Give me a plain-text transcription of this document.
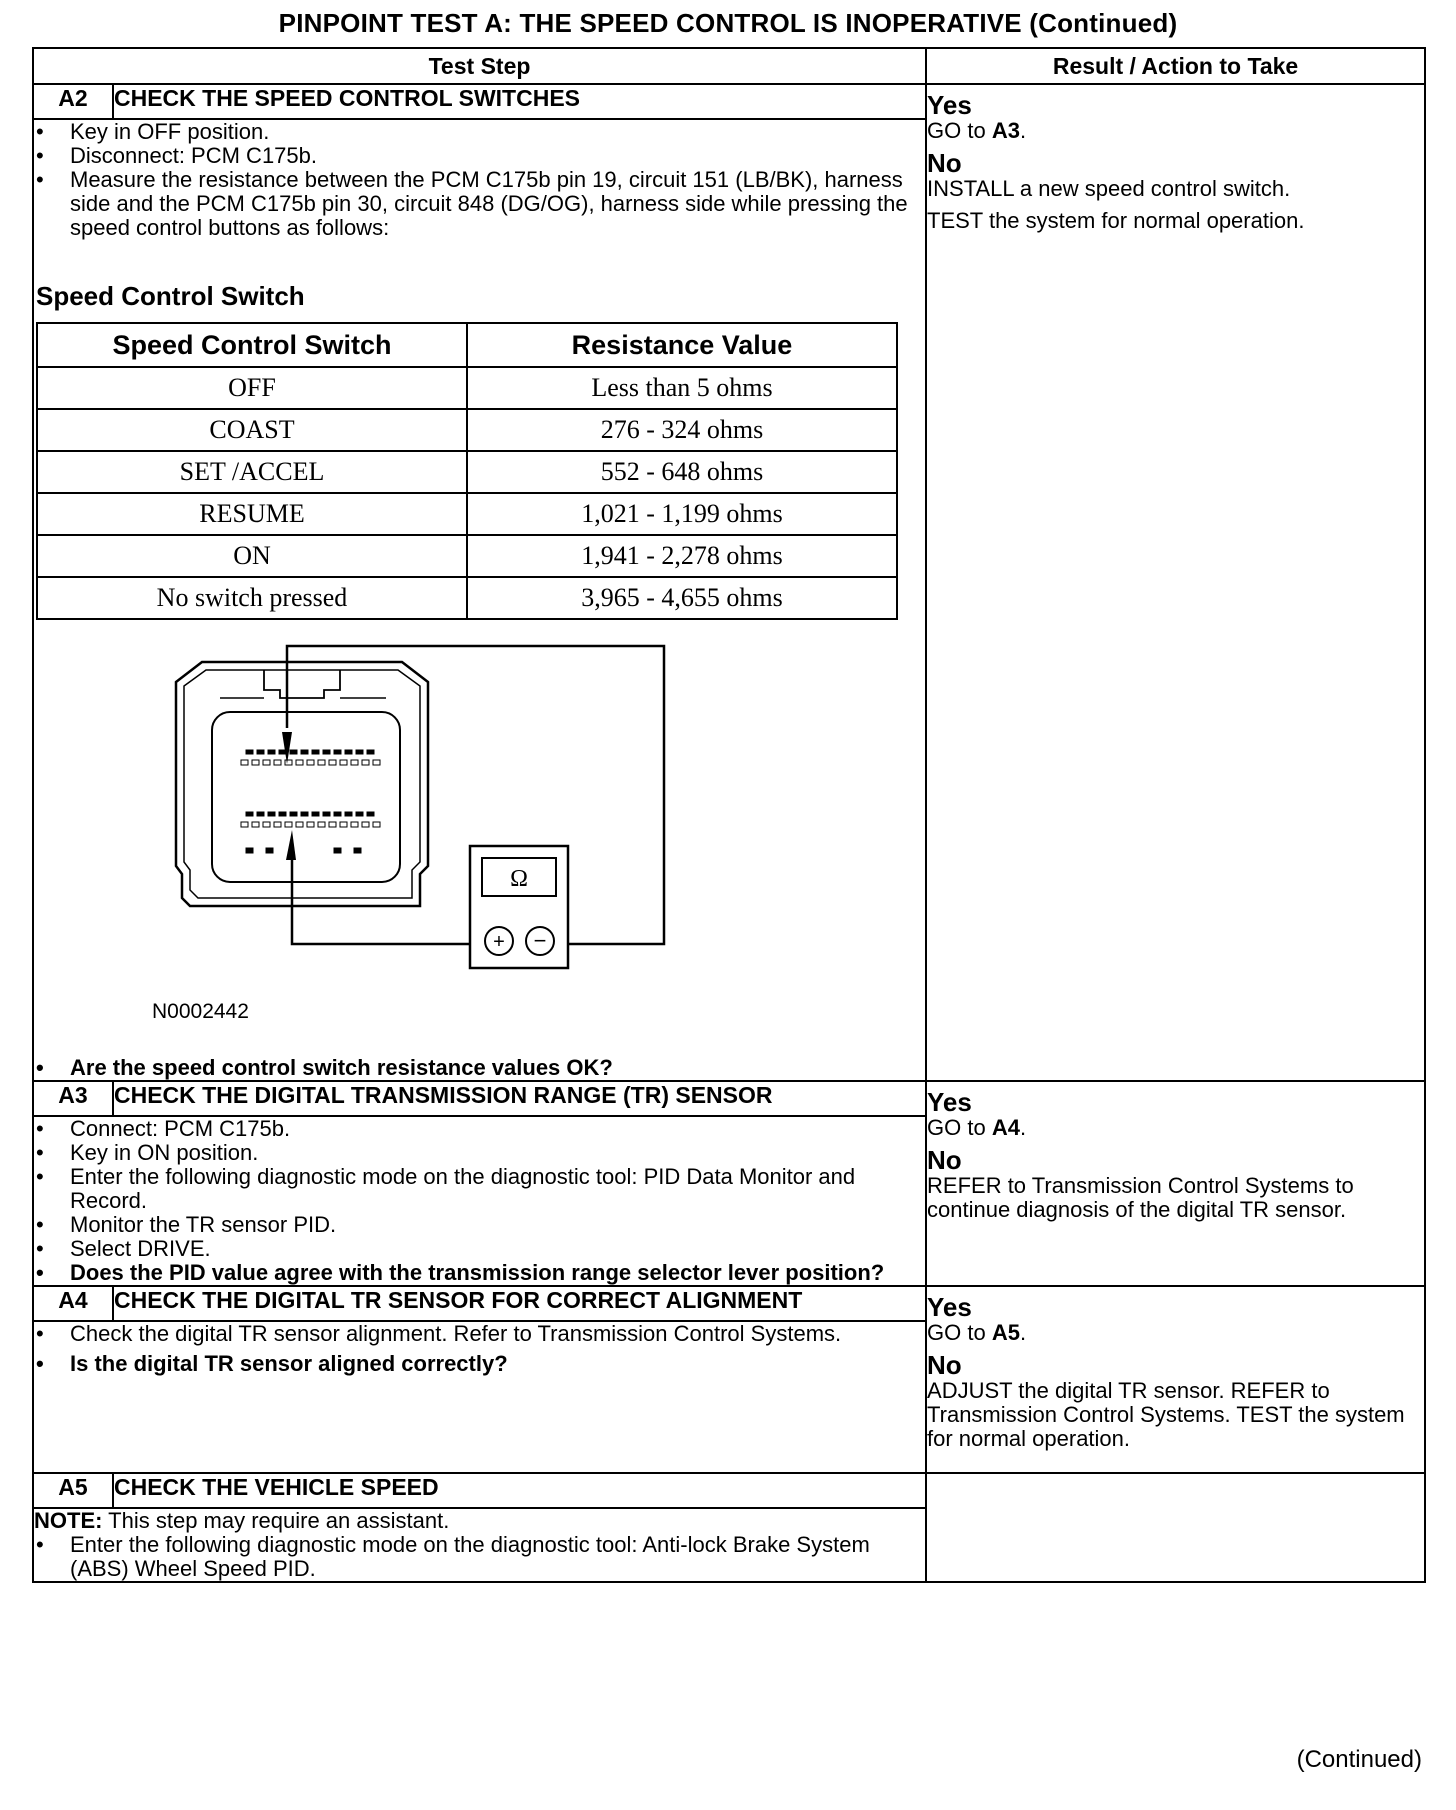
PINPOINT TEST A: THE SPEED CONTROL IS INOPERATIVE (Continued)
Test Step	Result / Action to Take
A2	CHECK THE SPEED CONTROL SWITCHES	Yes
GO to A3.
No
INSTALL a new speed control switch.
TEST the system for normal operation.

• Key in OFF position.
• Disconnect: PCM C175b.
• Measure the resistance between the PCM C175b pin 19, circuit 151 (LB/BK), harness side and the PCM C175b pin 30, circuit 848 (DG/OG), harness side while pressing the speed control buttons as follows:
Speed Control Switch
Speed Control Switch	Resistance Value
OFF	Less than 5 ohms
COAST	276 - 324 ohms
SET /ACCEL	552 - 648 ohms
RESUME	1,021 - 1,199 ohms
ON	1,941 - 2,278 ohms
No switch pressed	3,965 - 4,655 ohms
Ω
+ −
N0002442
• Are the speed control switch resistance values OK?

A3	CHECK THE DIGITAL TRANSMISSION RANGE (TR) SENSOR	Yes
GO to A4.
No
REFER to Transmission Control Systems to continue diagnosis of the digital TR sensor.

• Connect: PCM C175b.
• Key in ON position.
• Enter the following diagnostic mode on the diagnostic tool: PID Data Monitor and Record.
• Monitor the TR sensor PID.
• Select DRIVE.
• Does the PID value agree with the transmission range selector lever position?

A4	CHECK THE DIGITAL TR SENSOR FOR CORRECT ALIGNMENT	Yes
GO to A5.
No
ADJUST the digital TR sensor. REFER to Transmission Control Systems. TEST the system for normal operation.

• Check the digital TR sensor alignment. Refer to Transmission Control Systems.
• Is the digital TR sensor aligned correctly?

A5	CHECK THE VEHICLE SPEED	

NOTE: This step may require an assistant.
• Enter the following diagnostic mode on the diagnostic tool: Anti-lock Brake System (ABS) Wheel Speed PID.
(Continued)
